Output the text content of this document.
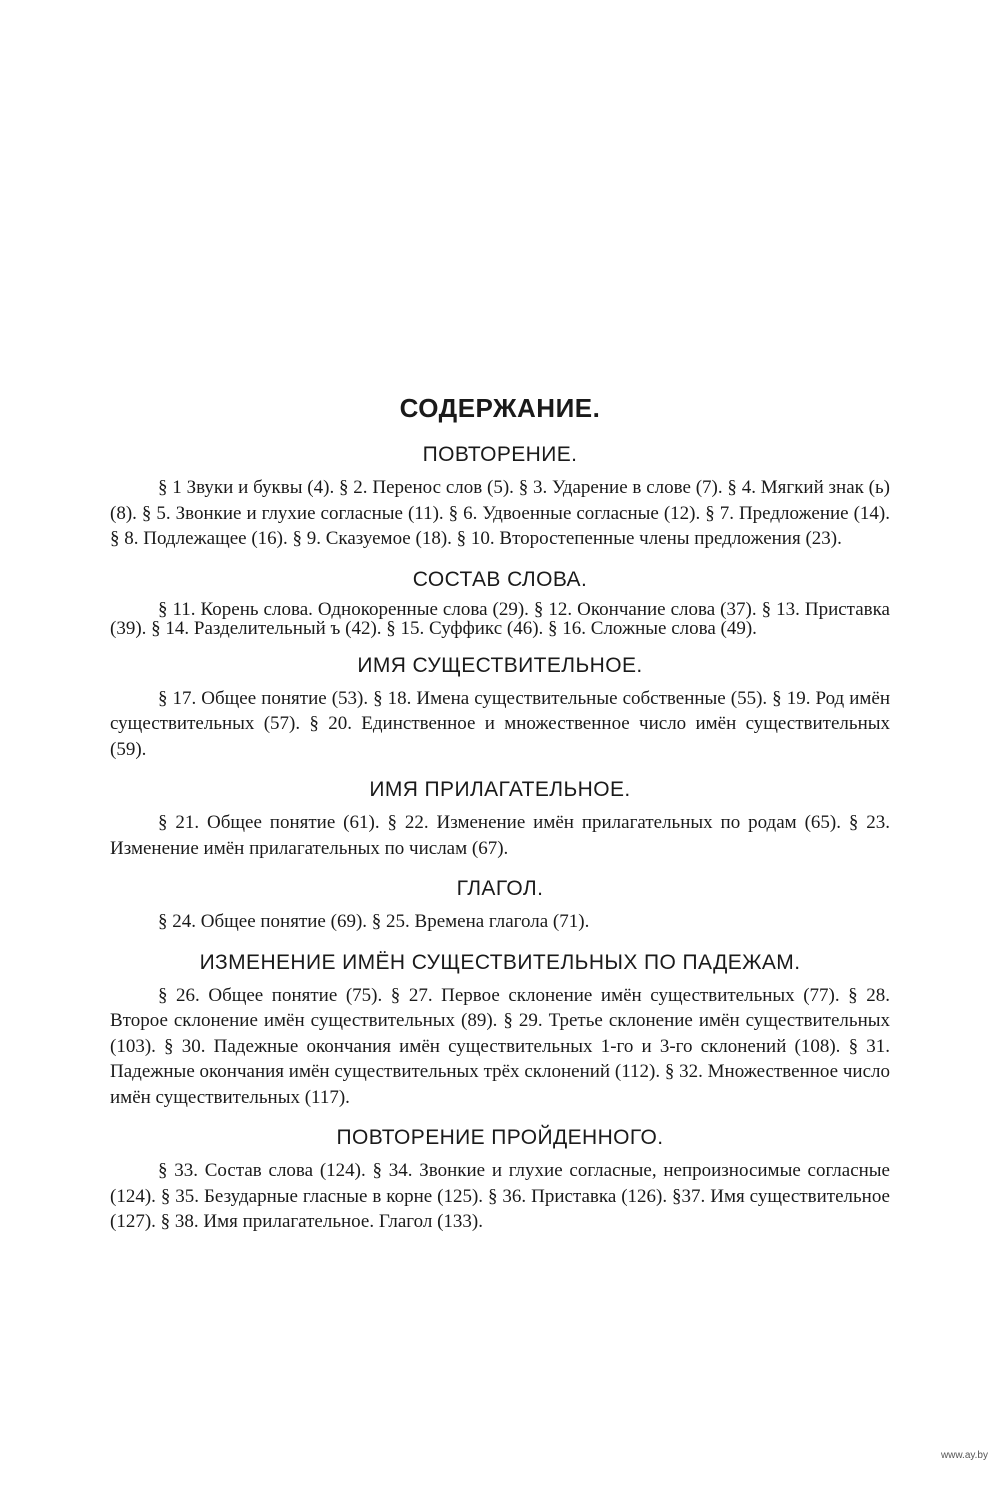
СОДЕРЖАНИЕ.
ПОВТОРЕНИЕ.

§ 1 Звуки и буквы (4). § 2. Перенос слов (5). § 3. Ударение в слове (7). § 4. Мягкий знак (ь) (8). § 5. Звонкие и глухие согласные (11). § 6. Удвоенные согласные (12). § 7. Предложение (14). § 8. Подлежащее (16). § 9. Сказуемое (18). § 10. Второстепенные члены предложения (23).

СОСТАВ СЛОВА.

§ 11. Корень слова. Однокоренные слова (29). § 12. Окончание слова (37). § 13. Приставка (39). § 14. Разделительный ъ (42). § 15. Суффикс (46). § 16. Сложные слова (49).

ИМЯ СУЩЕСТВИТЕЛЬНОЕ.

§ 17. Общее понятие (53). § 18. Имена существительные собственные (55). § 19. Род имён существительных (57). § 20. Единственное и множественное число имён существительных (59).

ИМЯ ПРИЛАГАТЕЛЬНОЕ.

§ 21. Общее понятие (61). § 22. Изменение имён прилагательных по родам (65). § 23. Изменение имён прилагательных по числам (67).

ГЛАГОЛ.

§ 24. Общее понятие (69). § 25. Времена глагола (71).

ИЗМЕНЕНИЕ ИМЁН СУЩЕСТВИТЕЛЬНЫХ ПО ПАДЕЖАМ.

§ 26. Общее понятие (75). § 27. Первое склонение имён существительных (77). § 28. Второе склонение имён существительных (89). § 29. Третье склонение имён существительных (103). § 30. Падежные окончания имён существительных 1-го и 3-го склонений (108). § 31. Падежные окончания имён существительных трёх склонений (112). § 32. Множественное число имён существительных (117).

ПОВТОРЕНИЕ ПРОЙДЕННОГО.

§ 33. Состав слова (124). § 34. Звонкие и глухие согласные, непроизносимые согласные (124). § 35. Безударные гласные в корне (125). § 36. Приставка (126). §37. Имя существительное (127). § 38. Имя прилагательное. Глагол (133).

www.ay.by
